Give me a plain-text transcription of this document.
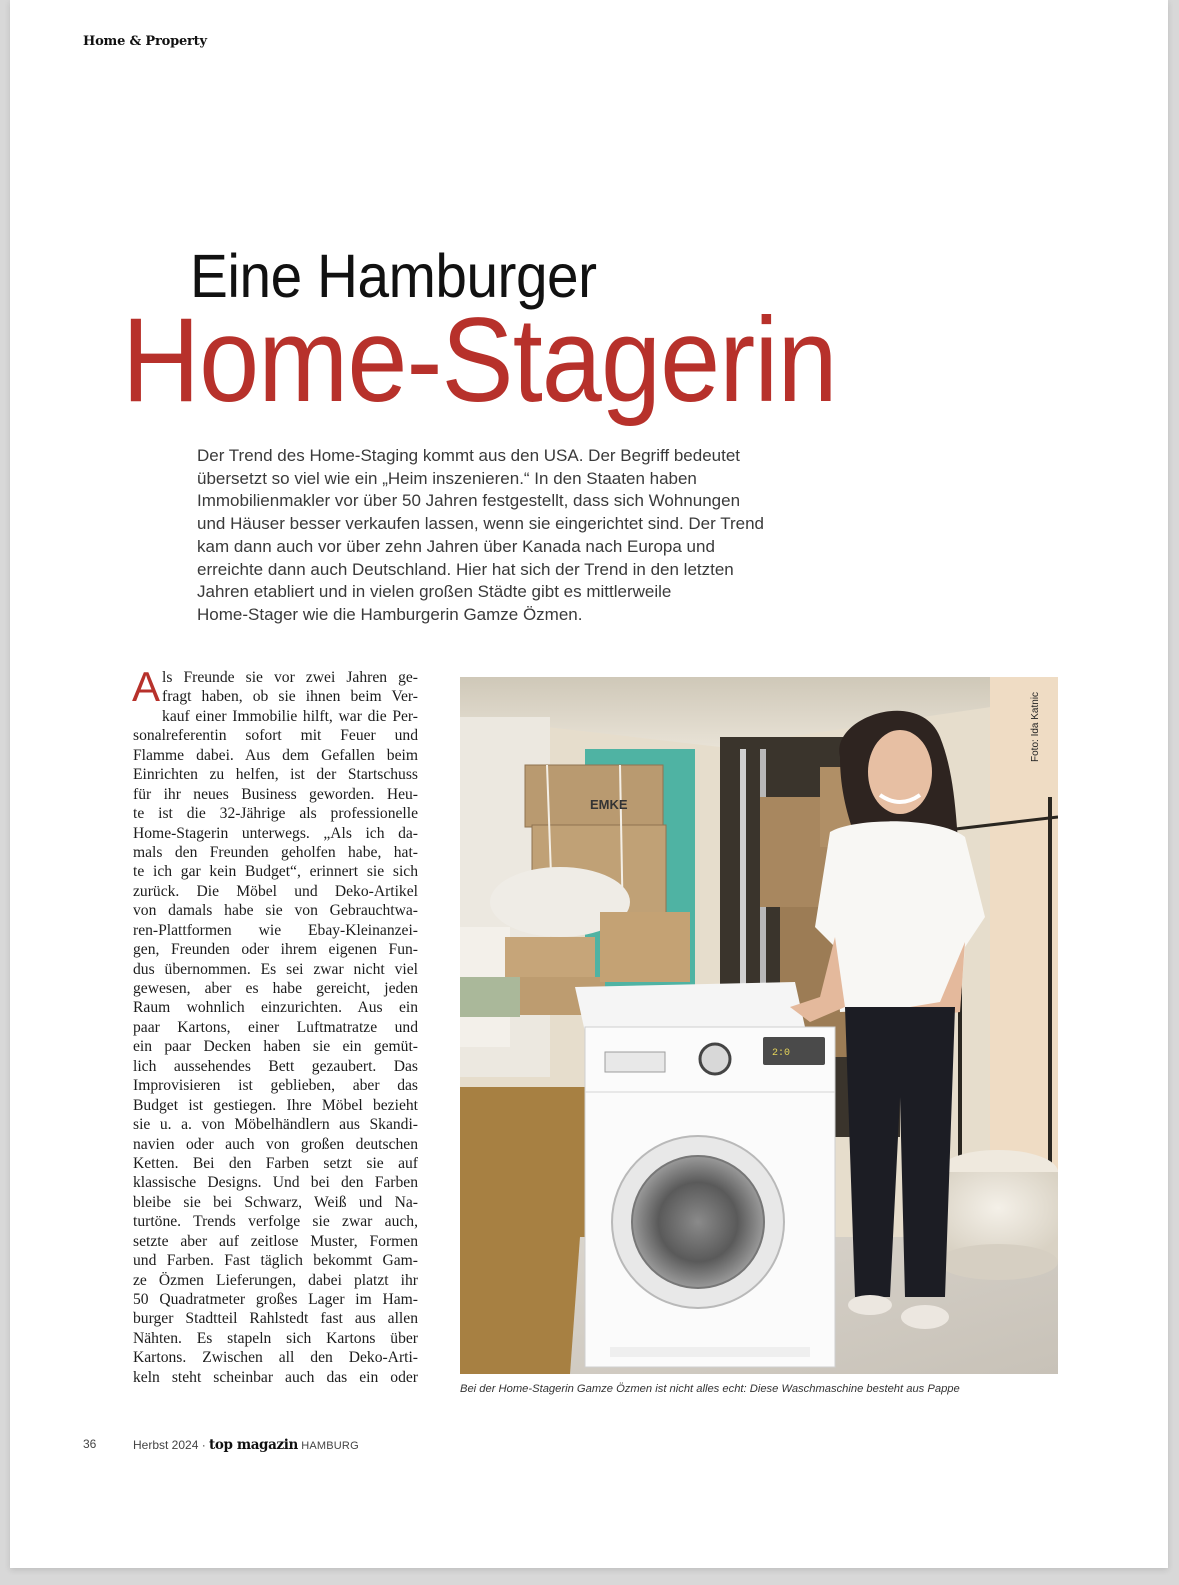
Home & Property
Eine Hamburger
Home-Stagerin
Der Trend des Home-Staging kommt aus den USA. Der Begriff bedeutet
übersetzt so viel wie ein „Heim inszenieren.“ In den Staaten haben
Immobilienmakler vor über 50 Jahren festgestellt, dass sich Wohnungen
und Häuser besser verkaufen lassen, wenn sie eingerichtet sind. Der Trend
kam dann auch vor über zehn Jahren über Kanada nach Europa und
erreichte dann auch Deutschland. Hier hat sich der Trend in den letzten
Jahren etabliert und in vielen großen Städte gibt es mittlerweile
Home-Stager wie die Hamburgerin Gamze Özmen.
A ls Freunde sie vor zwei Jahren ge-
fragt haben, ob sie ihnen beim Ver-
kauf einer Immobilie hilft, war die Per-
sonalreferentin sofort mit Feuer und
Flamme dabei. Aus dem Gefallen beim
Einrichten zu helfen, ist der Startschuss
für ihr neues Business geworden. Heu-
te ist die 32-Jährige als professionelle
Home-Stagerin unterwegs. „Als ich da-
mals den Freunden geholfen habe, hat-
te ich gar kein Budget“, erinnert sie sich
zurück. Die Möbel und Deko-Artikel
von damals habe sie von Gebrauchtwa-
ren-Plattformen wie Ebay-Kleinanzei-
gen, Freunden oder ihrem eigenen Fun-
dus übernommen. Es sei zwar nicht viel
gewesen, aber es habe gereicht, jeden
Raum wohnlich einzurichten. Aus ein
paar Kartons, einer Luftmatratze und
ein paar Decken haben sie ein gemüt-
lich aussehendes Bett gezaubert. Das
Improvisieren ist geblieben, aber das
Budget ist gestiegen. Ihre Möbel bezieht
sie u. a. von Möbelhändlern aus Skandi-
navien oder auch von großen deutschen
Ketten. Bei den Farben setzt sie auf
klassische Designs. Und bei den Farben
bleibe sie bei Schwarz, Weiß und Na-
turtöne. Trends verfolge sie zwar auch,
setzte aber auf zeitlose Muster, Formen
und Farben. Fast täglich bekommt Gam-
ze Özmen Lieferungen, dabei platzt ihr
50 Quadratmeter großes Lager im Ham-
burger Stadtteil Rahlstedt fast aus allen
Nähten. Es stapeln sich Kartons über
Kartons. Zwischen all den Deko-Arti-
keln steht scheinbar auch das ein oder
EMKE
2:0
Foto: Ida Katnic
Bei der Home-Stagerin Gamze Özmen ist nicht alles echt: Diese Waschmaschine besteht aus Pappe
36	Herbst 2024 · top magazin HAMBURG
